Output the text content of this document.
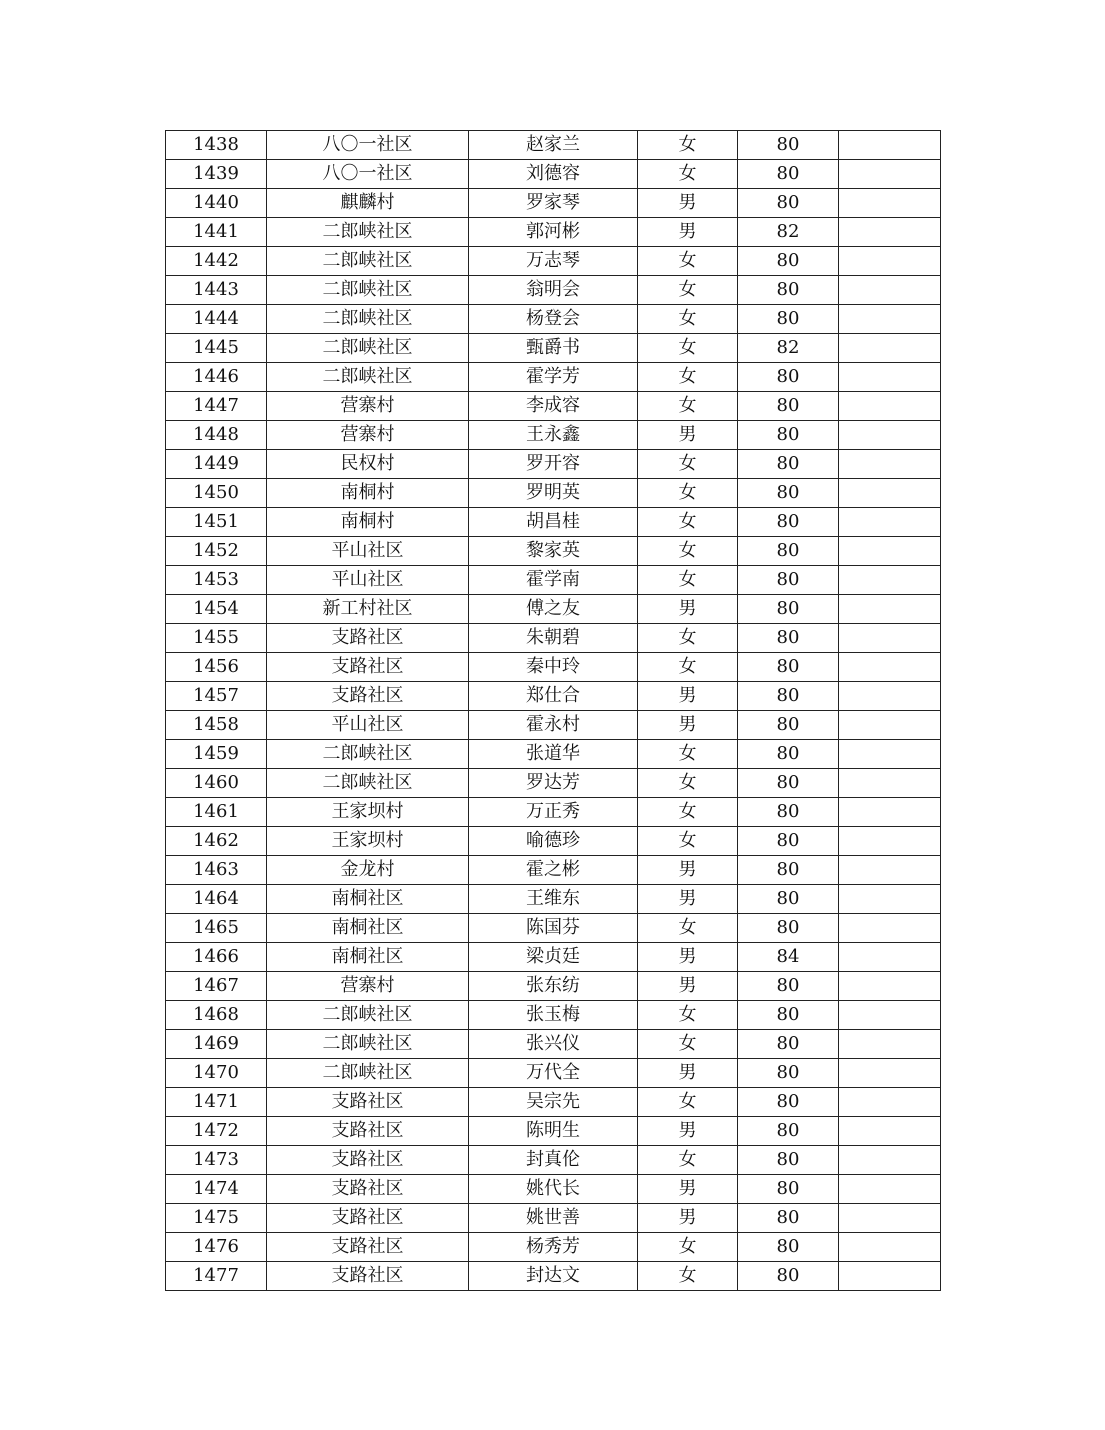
1438	八〇一社区	赵家兰	女	80	
1439	八〇一社区	刘德容	女	80	
1440	麒麟村	罗家琴	男	80	
1441	二郎峡社区	郭河彬	男	82	
1442	二郎峡社区	万志琴	女	80	
1443	二郎峡社区	翁明会	女	80	
1444	二郎峡社区	杨登会	女	80	
1445	二郎峡社区	甄爵书	女	82	
1446	二郎峡社区	霍学芳	女	80	
1447	营寨村	李成容	女	80	
1448	营寨村	王永鑫	男	80	
1449	民权村	罗开容	女	80	
1450	南桐村	罗明英	女	80	
1451	南桐村	胡昌桂	女	80	
1452	平山社区	黎家英	女	80	
1453	平山社区	霍学南	女	80	
1454	新工村社区	傅之友	男	80	
1455	支路社区	朱朝碧	女	80	
1456	支路社区	秦中玲	女	80	
1457	支路社区	郑仕合	男	80	
1458	平山社区	霍永村	男	80	
1459	二郎峡社区	张道华	女	80	
1460	二郎峡社区	罗达芳	女	80	
1461	王家坝村	万正秀	女	80	
1462	王家坝村	喻德珍	女	80	
1463	金龙村	霍之彬	男	80	
1464	南桐社区	王维东	男	80	
1465	南桐社区	陈国芬	女	80	
1466	南桐社区	梁贞廷	男	84	
1467	营寨村	张东纺	男	80	
1468	二郎峡社区	张玉梅	女	80	
1469	二郎峡社区	张兴仪	女	80	
1470	二郎峡社区	万代全	男	80	
1471	支路社区	吴宗先	女	80	
1472	支路社区	陈明生	男	80	
1473	支路社区	封真伦	女	80	
1474	支路社区	姚代长	男	80	
1475	支路社区	姚世善	男	80	
1476	支路社区	杨秀芳	女	80	
1477	支路社区	封达文	女	80	
